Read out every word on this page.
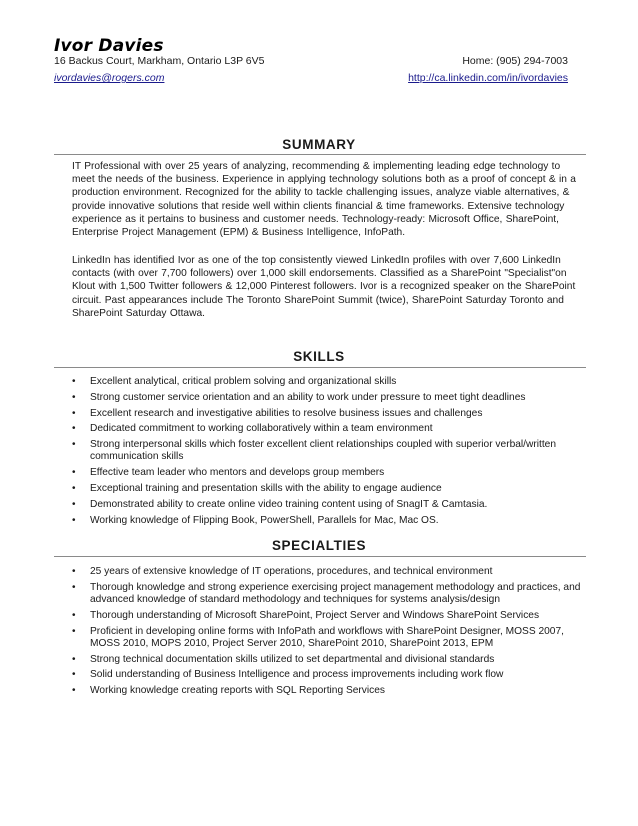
Ivor Davies
16 Backus Court, Markham, Ontario L3P 6V5	Home: (905) 294-7003
ivordavies@rogers.com	http://ca.linkedin.com/in/ivordavies
SUMMARY

IT Professional with over 25 years of analyzing, recommending & implementing leading edge technology to meet the needs of the business. Experience in applying technology solutions both as a proof of concept & in a production environment. Recognized for the ability to tackle challenging issues, analyze viable alternatives, & provide innovative solutions that reside well within clients financial & time frameworks. Extensive technology experience as it pertains to business and customer needs. Technology-ready: Microsoft Office, SharePoint, Enterprise Project Management (EPM) & Business Intelligence, InfoPath.

LinkedIn has identified Ivor as one of the top consistently viewed LinkedIn profiles with over 7,600 LinkedIn contacts (with over 7,700 followers) over 1,000 skill endorsements. Classified as a SharePoint "Specialist"on Klout with 1,500 Twitter followers & 12,000 Pinterest followers. Ivor is a recognized speaker on the SharePoint circuit. Past appearances include The Toronto SharePoint Summit (twice), SharePoint Saturday Toronto and SharePoint Saturday Ottawa.

SKILLS
• Excellent analytical, critical problem solving and organizational skills
• Strong customer service orientation and an ability to work under pressure to meet tight deadlines
• Excellent research and investigative abilities to resolve business issues and challenges
• Dedicated commitment to working collaboratively within a team environment
• Strong interpersonal skills which foster excellent client relationships coupled with superior verbal/written communication skills
• Effective team leader who mentors and develops group members
• Exceptional training and presentation skills with the ability to engage audience
• Demonstrated ability to create online video training content using of SnagIT & Camtasia.
• Working knowledge of Flipping Book, PowerShell, Parallels for Mac, Mac OS.
SPECIALTIES
• 25 years of extensive knowledge of IT operations, procedures, and technical environment
• Thorough knowledge and strong experience exercising project management methodology and practices, and advanced knowledge of standard methodology and techniques for systems analysis/design
• Thorough understanding of Microsoft SharePoint, Project Server and Windows SharePoint Services
• Proficient in developing online forms with InfoPath and workflows with SharePoint Designer, MOSS 2007, MOSS 2010, MOPS 2010, Project Server 2010, SharePoint 2010, SharePoint 2013, EPM
• Strong technical documentation skills utilized to set departmental and divisional standards
• Solid understanding of Business Intelligence and process improvements including work flow
• Working knowledge creating reports with SQL Reporting Services
